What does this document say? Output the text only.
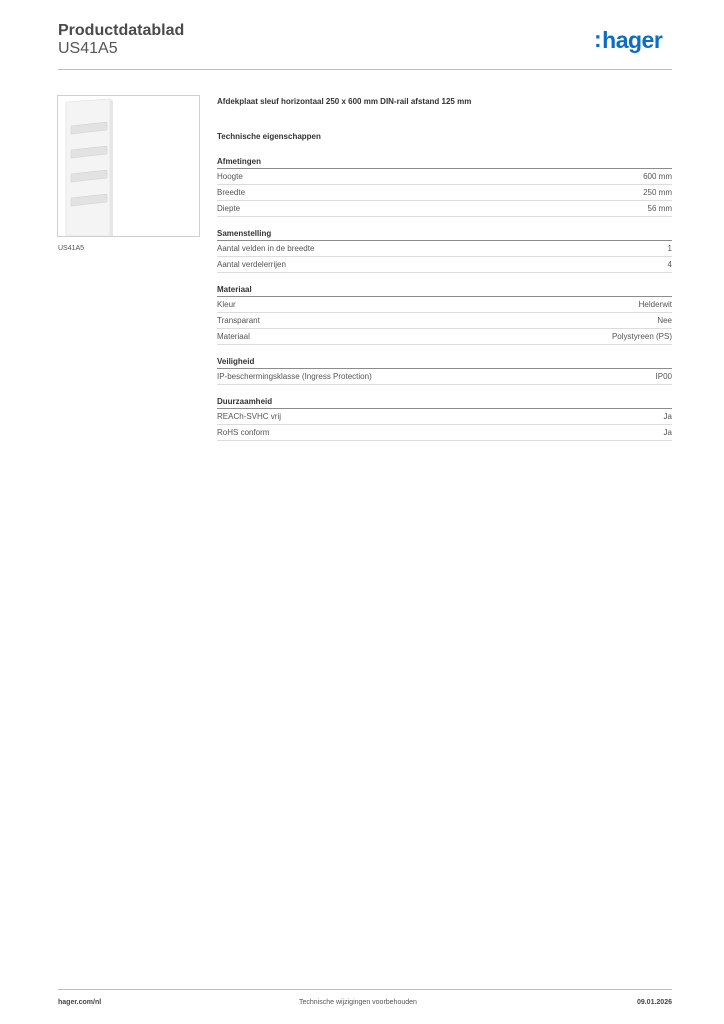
Productdatablad
US41A5	:hager
US41A5
Afdekplaat sleuf horizontaal 250 x 600 mm DIN-rail afstand 125 mm
Technische eigenschappen
Afmetingen
Hoogte	600 mm
Breedte	250 mm
Diepte	56 mm
Samenstelling
Aantal velden in de breedte	1
Aantal verdelerrijen	4
Materiaal
Kleur	Helderwit
Transparant	Nee
Materiaal	Polystyreen (PS)
Veiligheid
IP-beschermingsklasse (Ingress Protection)	IP00
Duurzaamheid
REACh-SVHC vrij	Ja
RoHS conform	Ja
hager.com/nl	Technische wijzigingen voorbehouden	09.01.2026
